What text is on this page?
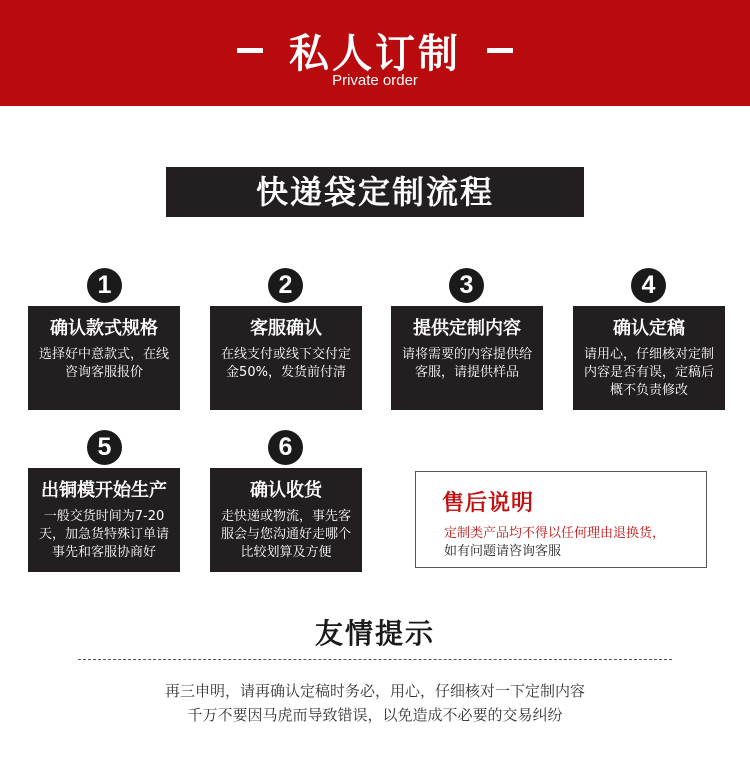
私人订制
Private order
快递袋定制流程
1
确认款式规格
选择好中意款式，在线咨询客服报价
2
客服确认
在线支付或线下交付定金50%，发货前付清
3
提供定制内容
请将需要的内容提供给客服，请提供样品
4
确认定稿
请用心，仔细核对定制内容是否有误，定稿后概不负责修改
5
出铜模开始生产
一般交货时间为7-20天，加急货特殊订单请事先和客服协商好
6
确认收货
走快递或物流，事先客服会与您沟通好走哪个比较划算及方便
售后说明
定制类产品均不得以任何理由退换货，
如有问题请咨询客服
友情提示
再三申明，请再确认定稿时务必，用心，仔细核对一下定制内容
千万不要因马虎而导致错误，以免造成不必要的交易纠纷
